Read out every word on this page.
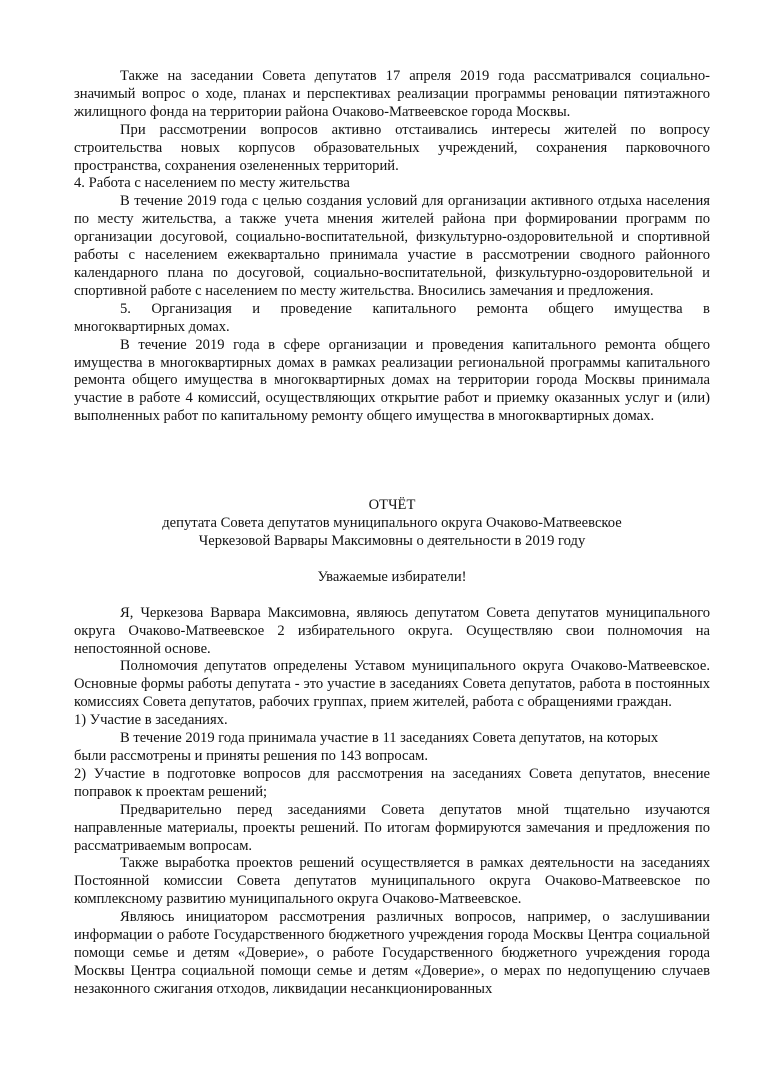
Также на заседании Совета депутатов 17 апреля 2019 года рассматривался социально-значимый вопрос о ходе, планах и перспективах реализации программы реновации пятиэтажного жилищного фонда на территории района Очаково-Матвеевское города Москвы.

При рассмотрении вопросов активно отстаивались интересы жителей по вопросу строительства новых корпусов образовательных учреждений, сохранения парковочного пространства, сохранения озелененных территорий.

4. Работа с населением по месту жительства

В течение 2019 года с целью создания условий для организации активного отдыха населения по месту жительства, а также учета мнения жителей района при формировании программ по организации досуговой, социально-воспитательной, физкультурно-оздоровительной и спортивной работы с населением ежеквартально принимала участие в рассмотрении сводного районного календарного плана по досуговой, социально-воспитательной, физкультурно-оздоровительной и спортивной работе с населением по месту жительства. Вносились замечания и предложения.

5. Организация и проведение капитального ремонта общего имущества в

многоквартирных домах.

В течение 2019 года в сфере организации и проведения капитального ремонта общего имущества в многоквартирных домах в рамках реализации региональной программы капитального ремонта общего имущества в многоквартирных домах на территории города Москвы принимала участие в работе 4 комиссий, осуществляющих открытие работ и приемку оказанных услуг и (или) выполненных работ по капитальному ремонту общего имущества в многоквартирных домах.

ОТЧЁТ

депутата Совета депутатов муниципального округа Очаково-Матвеевское

Черкезовой Варвары Максимовны о деятельности в 2019 году

Уважаемые избиратели!

Я, Черкезова Варвара Максимовна, являюсь депутатом Совета депутатов муниципального округа Очаково-Матвеевское 2 избирательного округа. Осуществляю свои полномочия на непостоянной основе.

Полномочия депутатов определены Уставом муниципального округа Очаково-Матвеевское. Основные формы работы депутата - это участие в заседаниях Совета депутатов, работа в постоянных комиссиях Совета депутатов, рабочих группах, прием жителей, работа с обращениями граждан.

1) Участие в заседаниях.

В течение 2019 года принимала участие в 11 заседаниях Совета депутатов, на которых

были рассмотрены и приняты решения по 143 вопросам.

2) Участие в подготовке вопросов для рассмотрения на заседаниях Совета депутатов, внесение поправок к проектам решений;

Предварительно перед заседаниями Совета депутатов мной тщательно изучаются направленные материалы, проекты решений. По итогам формируются замечания и предложения по рассматриваемым вопросам.

Также выработка проектов решений осуществляется в рамках деятельности на заседаниях Постоянной комиссии Совета депутатов муниципального округа Очаково-Матвеевское по комплексному развитию муниципального округа Очаково-Матвеевское.

Являюсь инициатором рассмотрения различных вопросов, например, о заслушивании информации о работе Государственного бюджетного учреждения города Москвы Центра социальной помощи семье и детям «Доверие», о работе Государственного бюджетного учреждения города Москвы Центра социальной помощи семье и детям «Доверие», о мерах по недопущению случаев незаконного сжигания отходов, ликвидации несанкционированных
